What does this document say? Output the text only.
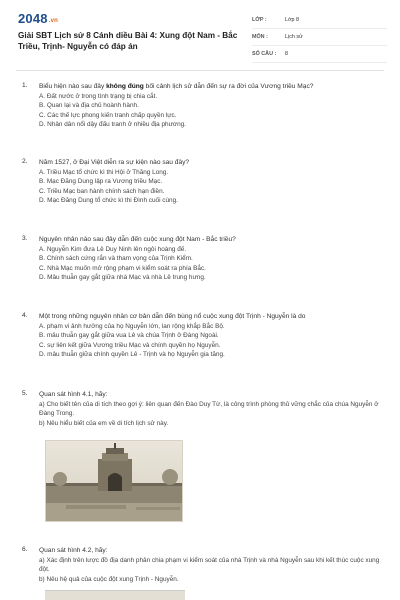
2048.vn
Giải SBT Lịch sử 8 Cánh diều Bài 4: Xung đột Nam - Bắc Triều, Trịnh- Nguyễn có đáp án
LỚP :	Lớp 8
MÔN :	Lịch sử
SỐ CÂU :	8
1. Biểu hiện nào sau đây không đúng bối cảnh lịch sử dẫn đến sự ra đời của Vương triều Mạc?

A. Đất nước ở trong tình trạng bị chia cắt.

B. Quan lại và địa chủ hoành hành.

C. Các thế lực phong kiến tranh chấp quyền lực.

D. Nhân dân nổi dậy đấu tranh ở nhiều địa phương.

2. Năm 1527, ở Đại Việt diễn ra sự kiện nào sau đây?

A. Triều Mạc tổ chức kì thi Hội ở Thăng Long.

B. Mạc Đăng Dung lập ra Vương triều Mạc.

C. Triều Mạc ban hành chính sách hạn điền.

D. Mạc Đăng Dung tổ chức kì thi Đình cuối cùng.

3. Nguyên nhân nào sau đây dẫn đến cuộc xung đột Nam - Bắc triều?

A. Nguyễn Kim đưa Lê Duy Ninh lên ngôi hoàng đế.

B. Chính sách cứng rắn và tham vọng của Trịnh Kiểm.

C. Nhà Mạc muốn mở rộng phạm vi kiểm soát ra phía Bắc.

D. Mâu thuẫn gay gắt giữa nhà Mạc và nhà Lê trung hưng.

4. Một trong những nguyên nhân cơ bản dẫn đến bùng nổ cuộc xung đột Trịnh - Nguyễn là do

A. phạm vi ảnh hưởng của họ Nguyễn lớn, lan rộng khắp Bắc Bộ.

B. mâu thuẫn gay gắt giữa vua Lê và chúa Trịnh ở Đàng Ngoài.

C. sự liên kết giữa Vương triều Mạc và chính quyền họ Nguyễn.

D. mâu thuẫn giữa chính quyền Lê - Trịnh và họ Nguyễn gia tăng.

5. Quan sát hình 4.1, hãy:

a) Cho biết tên của di tích theo gợi ý: liên quan đến Đào Duy Từ, là công trình phòng thủ vững chắc của chúa Nguyễn ở Đàng Trong.

b) Nêu hiểu biết của em về di tích lịch sử này.

6. Quan sát hình 4.2, hãy:

a) Xác định trên lược đồ địa danh phân chia phạm vi kiểm soát của nhà Trịnh và nhà Nguyễn sau khi kết thúc cuộc xung đột.

b) Nêu hệ quả của cuộc đột xung Trịnh - Nguyễn.
